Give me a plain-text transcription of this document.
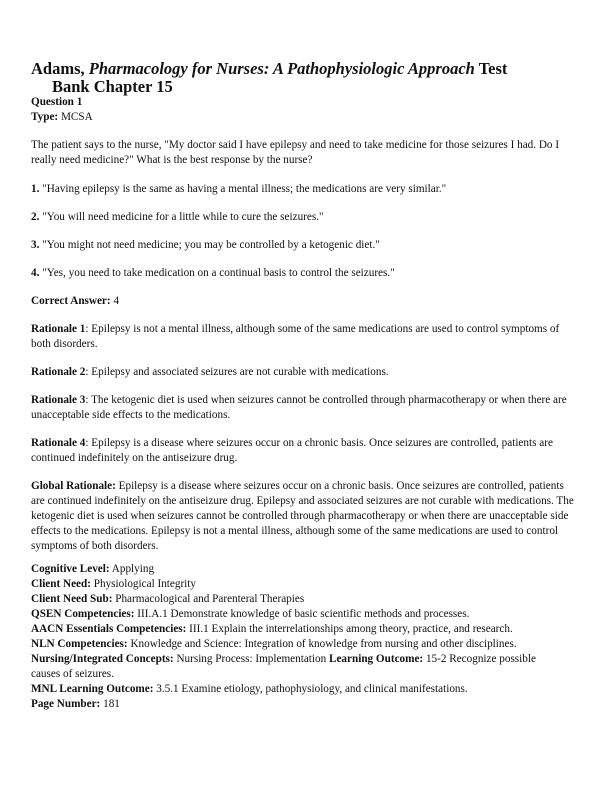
Adams, Pharmacology for Nurses: A Pathophysiologic Approach Test
Bank Chapter 15
Question 1
Type: MCSA
The patient says to the nurse, "My doctor said I have epilepsy and need to take medicine for those seizures I had. Do I really need medicine?" What is the best response by the nurse?
1. "Having epilepsy is the same as having a mental illness; the medications are very similar."
2. "You will need medicine for a little while to cure the seizures."
3. "You might not need medicine; you may be controlled by a ketogenic diet."
4. "Yes, you need to take medication on a continual basis to control the seizures."
Correct Answer: 4
Rationale 1: Epilepsy is not a mental illness, although some of the same medications are used to control symptoms of both disorders.
Rationale 2: Epilepsy and associated seizures are not curable with medications.
Rationale 3: The ketogenic diet is used when seizures cannot be controlled through pharmacotherapy or when there are unacceptable side effects to the medications.
Rationale 4: Epilepsy is a disease where seizures occur on a chronic basis. Once seizures are controlled, patients are continued indefinitely on the antiseizure drug.
Global Rationale: Epilepsy is a disease where seizures occur on a chronic basis. Once seizures are controlled, patients are continued indefinitely on the antiseizure drug. Epilepsy and associated seizures are not curable with medications. The ketogenic diet is used when seizures cannot be controlled through pharmacotherapy or when there are unacceptable side effects to the medications. Epilepsy is not a mental illness, although some of the same medications are used to control symptoms of both disorders.
Cognitive Level: Applying
Client Need: Physiological Integrity
Client Need Sub: Pharmacological and Parenteral Therapies
QSEN Competencies: III.A.1 Demonstrate knowledge of basic scientific methods and processes.
AACN Essentials Competencies: III.1 Explain the interrelationships among theory, practice, and research.
NLN Competencies: Knowledge and Science: Integration of knowledge from nursing and other disciplines.
Nursing/Integrated Concepts: Nursing Process: Implementation Learning Outcome: 15-2 Recognize possible causes of seizures.
MNL Learning Outcome: 3.5.1 Examine etiology, pathophysiology, and clinical manifestations.
Page Number: 181
